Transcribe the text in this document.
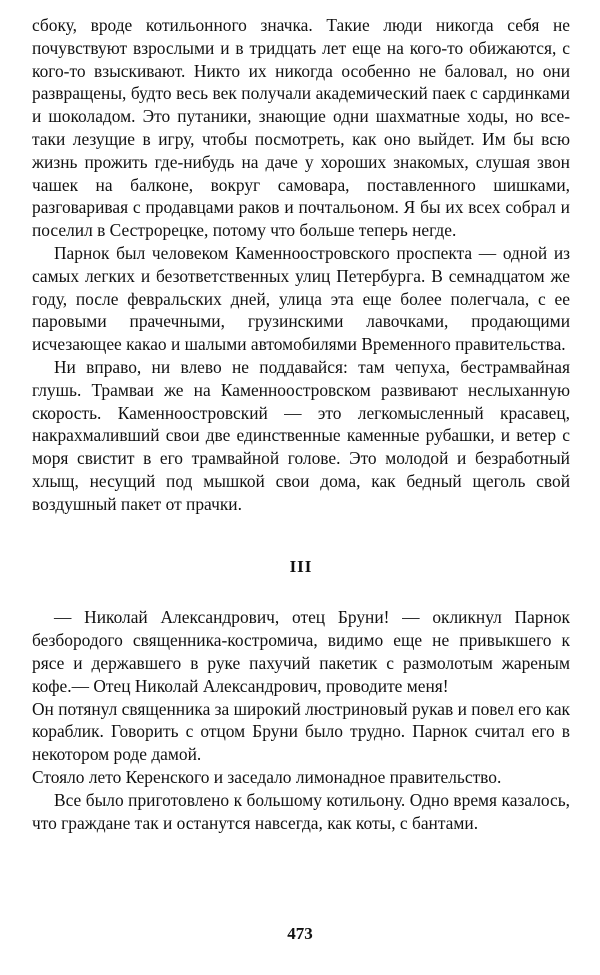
сбоку, вроде котильонного значка. Такие люди никогда себя не почувствуют взрослыми и в тридцать лет еще на кого-то обижаются, с кого-то взыскивают. Никто их никогда особенно не баловал, но они развращены, будто весь век получали академический паек с сардинками и шоколадом. Это путаники, знающие одни шахматные ходы, но все-таки лезущие в игру, чтобы посмотреть, как оно выйдет. Им бы всю жизнь прожить где-нибудь на даче у хороших знакомых, слушая звон чашек на балконе, вокруг самовара, поставленного шишками, разговаривая с продавцами раков и почтальоном. Я бы их всех собрал и поселил в Сестрорецке, потому что больше теперь негде.

Парнок был человеком Каменноостровского проспекта — одной из самых легких и безответственных улиц Петербурга. В семнадцатом же году, после февральских дней, улица эта еще более полегчала, с ее паровыми прачечными, грузинскими лавочками, продающими исчезающее какао и шалыми автомобилями Временного правительства.

Ни вправо, ни влево не поддавайся: там чепуха, бестрамвайная глушь. Трамваи же на Каменноостровском развивают неслыханную скорость. Каменноостровский — это легкомысленный красавец, накрахмаливший свои две единственные каменные рубашки, и ветер с моря свистит в его трамвайной голове. Это молодой и безработный хлыщ, несущий под мышкой свои дома, как бедный щеголь свой воздушный пакет от прачки.

III

— Николай Александрович, отец Бруни! — окликнул Парнок безбородого священника-костромича, видимо еще не привыкшего к рясе и державшего в руке пахучий пакетик с размолотым жареным кофе.— Отец Николай Александрович, проводите меня!

Он потянул священника за широкий люстриновый рукав и повел его как кораблик. Говорить с отцом Бруни было трудно. Парнок считал его в некотором роде дамой.

Стояло лето Керенского и заседало лимонадное правительство.

Все было приготовлено к большому котильону. Одно время казалось, что граждане так и останутся навсегда, как коты, с бантами.

473
